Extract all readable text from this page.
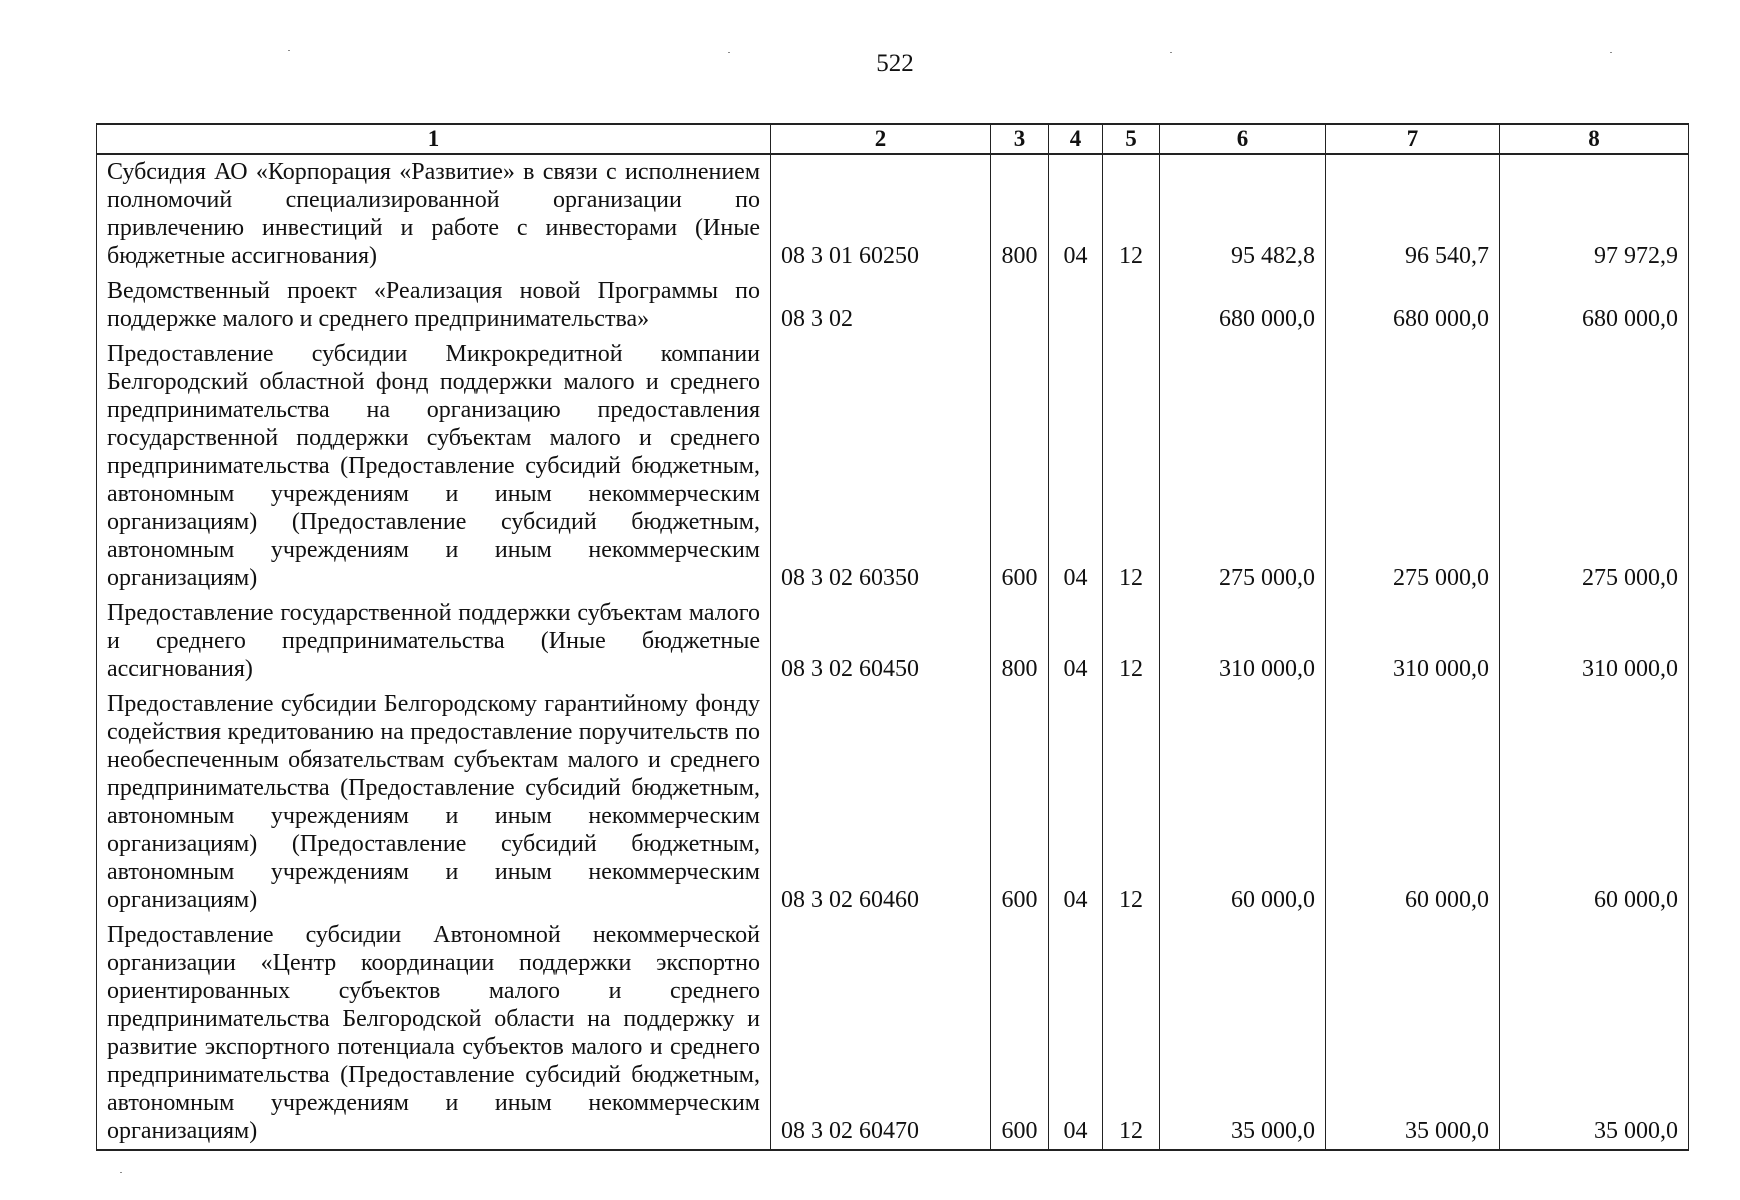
522
1	2	3	4	5	6	7	8
Субсидия АО «Корпорация «Развитие» в связи с исполнением полномочий специализированной организации по привлечению инвестиций и работе с инвесторами (Иные бюджетные ассигнования)	08 3 01 60250	800	04	12	95 482,8	96 540,7	97 972,9
Ведомственный проект «Реализация новой Программы по поддержке малого и среднего предпринимательства»	08 3 02				680 000,0	680 000,0	680 000,0
Предоставление субсидии Микрокредитной компании Белгородский областной фонд поддержки малого и среднего предпринимательства на организацию предоставления государственной поддержки субъектам малого и среднего предпринимательства (Предоставление субсидий бюджетным, автономным учреждениям и иным некоммерческим организациям) (Предоставление субсидий бюджетным, автономным учреждениям и иным некоммерческим организациям)	08 3 02 60350	600	04	12	275 000,0	275 000,0	275 000,0
Предоставление государственной поддержки субъектам малого и среднего предпринимательства (Иные бюджетные ассигнования)	08 3 02 60450	800	04	12	310 000,0	310 000,0	310 000,0
Предоставление субсидии Белгородскому гарантийному фонду содействия кредитованию на предоставление поручительств по необеспеченным обязательствам субъектам малого и среднего предпринимательства (Предоставление субсидий бюджетным, автономным учреждениям и иным некоммерческим организациям) (Предоставление субсидий бюджетным, автономным учреждениям и иным некоммерческим организациям)	08 3 02 60460	600	04	12	60 000,0	60 000,0	60 000,0
Предоставление субсидии Автономной некоммерческой организации «Центр координации поддержки экспортно ориентированных субъектов малого и среднего предпринимательства Белгородской области на поддержку и развитие экспортного потенциала субъектов малого и среднего предпринимательства (Предоставление субсидий бюджетным, автономным учреждениям и иным некоммерческим организациям)	08 3 02 60470	600	04	12	35 000,0	35 000,0	35 000,0
